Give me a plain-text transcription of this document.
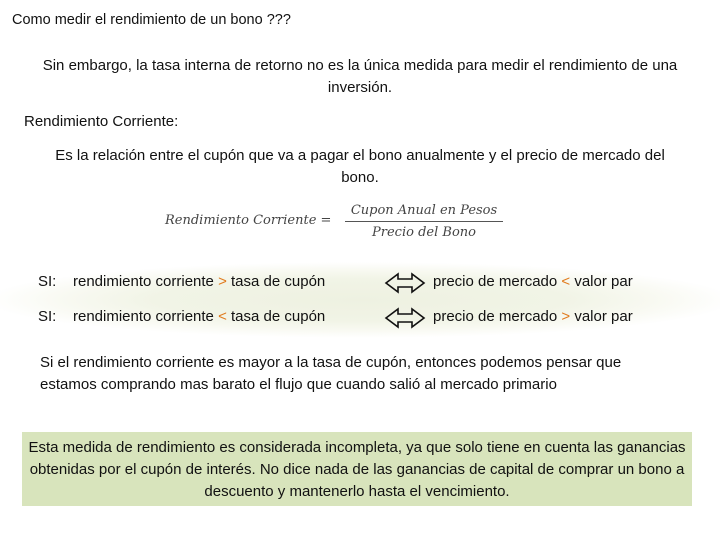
Como medir el rendimiento de un bono ???
Sin embargo, la tasa interna de retorno no es la única medida para medir el rendimiento de una inversión.
Rendimiento Corriente:
Es la relación entre el cupón que va a pagar el bono anualmente y el precio de mercado del bono.
Rendimiento Corriente =
Cupon Anual en Pesos
Precio del Bono
SI: rendimiento corriente > tasa de cupón	precio de mercado < valor par
SI: rendimiento corriente < tasa de cupón	precio de mercado > valor par
Si el rendimiento corriente es mayor a la tasa de cupón, entonces podemos pensar que estamos comprando mas barato el flujo que cuando salió al mercado primario
Esta medida de rendimiento es considerada incompleta, ya que solo tiene en cuenta las ganancias obtenidas por el cupón de interés. No dice nada de las ganancias de capital de comprar un bono a descuento y mantenerlo hasta el vencimiento.
